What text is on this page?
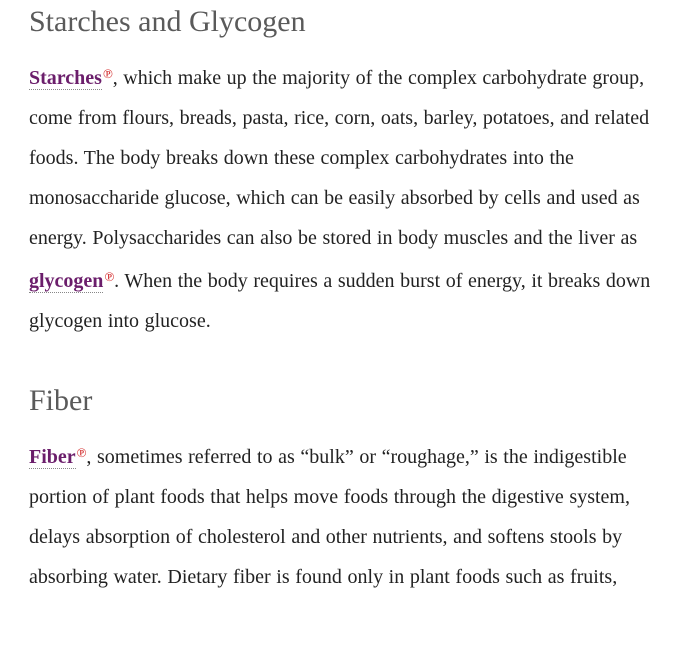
Starches and Glycogen

Starches℗, which make up the majority of the complex carbohydrate group, come from flours, breads, pasta, rice, corn, oats, barley, potatoes, and related foods. The body breaks down these complex carbohydrates into the monosaccharide glucose, which can be easily absorbed by cells and used as energy. Polysaccharides can also be stored in body muscles and the liver as glycogen℗. When the body requires a sudden burst of energy, it breaks down glycogen into glucose.

Fiber

Fiber℗, sometimes referred to as “bulk” or “roughage,” is the indigestible portion of plant foods that helps move foods through the digestive system, delays absorption of cholesterol and other nutrients, and softens stools by absorbing water. Dietary fiber is found only in plant foods such as fruits,
